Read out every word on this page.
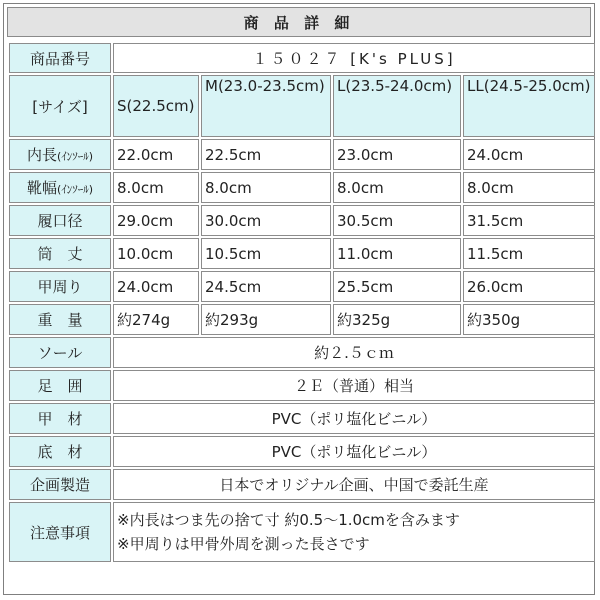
商 品 詳 細
商品番号	１５０２７ [K's PLUS]			
[サイズ]	S(22.5cm)	M(23.0-23.5cm)	L(23.5-24.0cm)	LL(24.5-25.0cm)
内長(ｲﾝｿｰﾙ)	22.0cm	22.5cm	23.0cm	24.0cm
靴幅(ｲﾝｿｰﾙ)	8.0cm	8.0cm	8.0cm	8.0cm
履口径	29.0cm	30.0cm	30.5cm	31.5cm
筒　丈	10.0cm	10.5cm	11.0cm	11.5cm
甲周り	24.0cm	24.5cm	25.5cm	26.0cm
重　量	約274g	約293g	約325g	約350g
ソール	約２.５ｃｍ			
足　囲	２Ｅ（普通）相当			
甲　材	PVC（ポリ塩化ビニル）			
底　材	PVC（ポリ塩化ビニル）			
企画製造	日本でオリジナル企画、中国で委託生産			
注意事項	※内長はつま先の捨て寸 約0.5～1.0cmを含みます
※甲周りは甲骨外周を測った長さです			
